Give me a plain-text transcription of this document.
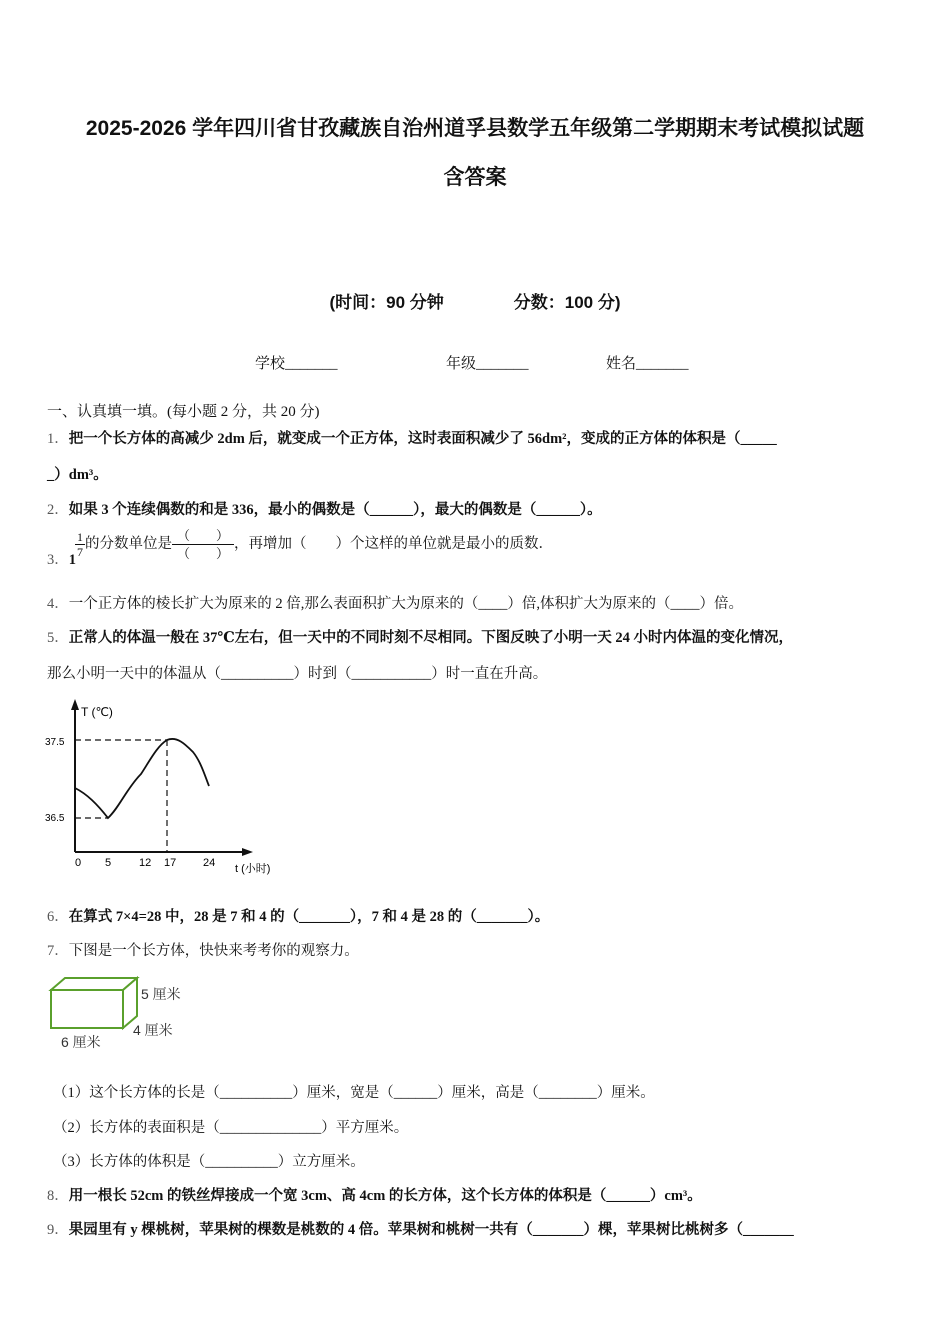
2025-2026 学年四川省甘孜藏族自治州道孚县数学五年级第二学期期末考试模拟试题
含答案
(时间：90 分钟	分数：100 分)
学校_______	年级_______	姓名_______
一、认真填一填。(每小题 2 分，共 20 分)
1．把一个长方体的高减少 2dm 后，就变成一个正方体，这时表面积减少了 56dm²，变成的正方体的体积是（_____
_）dm³。
2．如果 3 个连续偶数的和是 336，最小的偶数是（______），最大的偶数是（______）。
3．1
$\frac{1}{7}$ 的分数单位是 $\frac{( )}{( )}$ ，再增加（　　）个这样的单位就是最小的质数．
4．一个正方体的棱长扩大为原来的 2 倍,那么表面积扩大为原来的（____）倍,体积扩大为原来的（____）倍。
5．正常人的体温一般在 37℃左右，但一天中的不同时刻不尽相同。下图反映了小明一天 24 小时内体温的变化情况，
那么小明一天中的体温从（__________）时到（___________）时一直在升高。
T (℃)
t (小时)
37.5
36.5
0 5	12 17 24
6．在算式 7×4=28 中，28 是 7 和 4 的（_______），7 和 4 是 28 的（_______）。
7．下图是一个长方体，快快来考考你的观察力。
5 厘米
4 厘米
6 厘米
（1）这个长方体的长是（__________）厘米，宽是（______）厘米，高是（________）厘米。
（2）长方体的表面积是（______________）平方厘米。
（3）长方体的体积是（__________）立方厘米。
8．用一根长 52cm 的铁丝焊接成一个宽 3cm、高 4cm 的长方体，这个长方体的体积是（______）cm³。
9．果园里有 y 棵桃树，苹果树的棵数是桃数的 4 倍。苹果树和桃树一共有（_______）棵，苹果树比桃树多（_______
